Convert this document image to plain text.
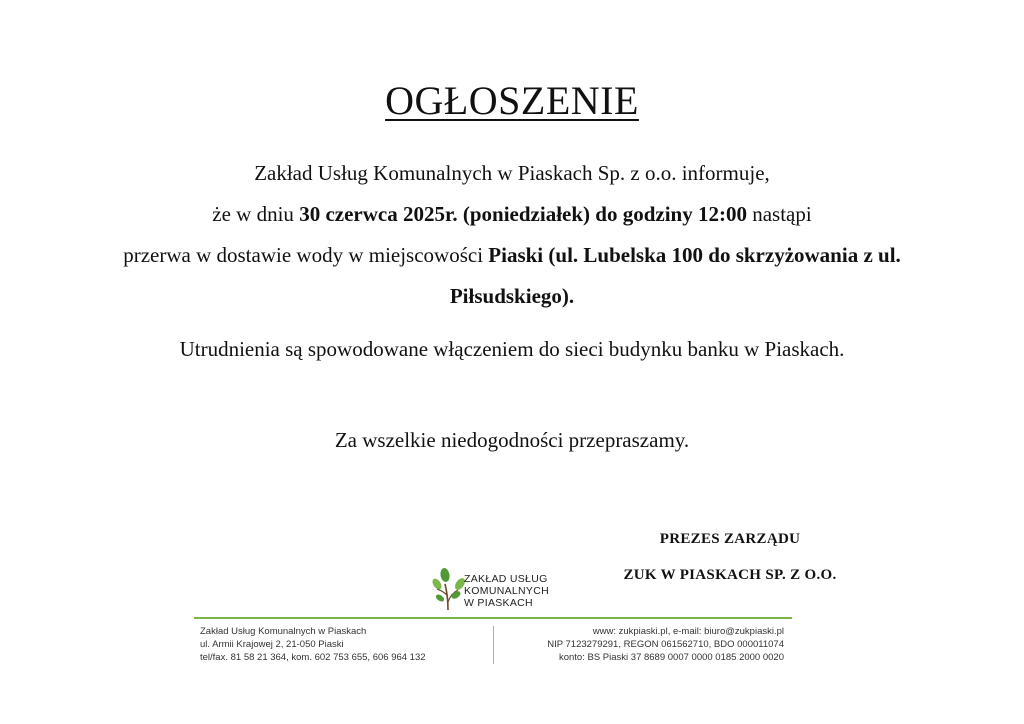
OGŁOSZENIE

Zakład Usług Komunalnych w Piaskach Sp. z o.o. informuje,
że w dniu 30 czerwca 2025r. (poniedziałek) do godziny 12:00 nastąpi
przerwa w dostawie wody w miejscowości Piaski (ul. Lubelska 100 do skrzyżowania z ul. Piłsudskiego).

Utrudnienia są spowodowane włączeniem do sieci budynku banku w Piaskach.

Za wszelkie niedogodności przepraszamy.

PREZES ZARZĄDU
ZUK W PIASKACH SP. Z O.O.
ZAKŁAD USŁUG
KOMUNALNYCH
W PIASKACH
Zakład Usług Komunalnych w Piaskach
ul. Armii Krajowej 2, 21-050 Piaski
tel/fax. 81 58 21 364, kom. 602 753 655, 606 964 132
www: zukpiaski.pl, e-mail: biuro@zukpiaski.pl
NIP 7123279291, REGON 061562710, BDO 000011074
konto: BS Piaski 37 8689 0007 0000 0185 2000 0020
